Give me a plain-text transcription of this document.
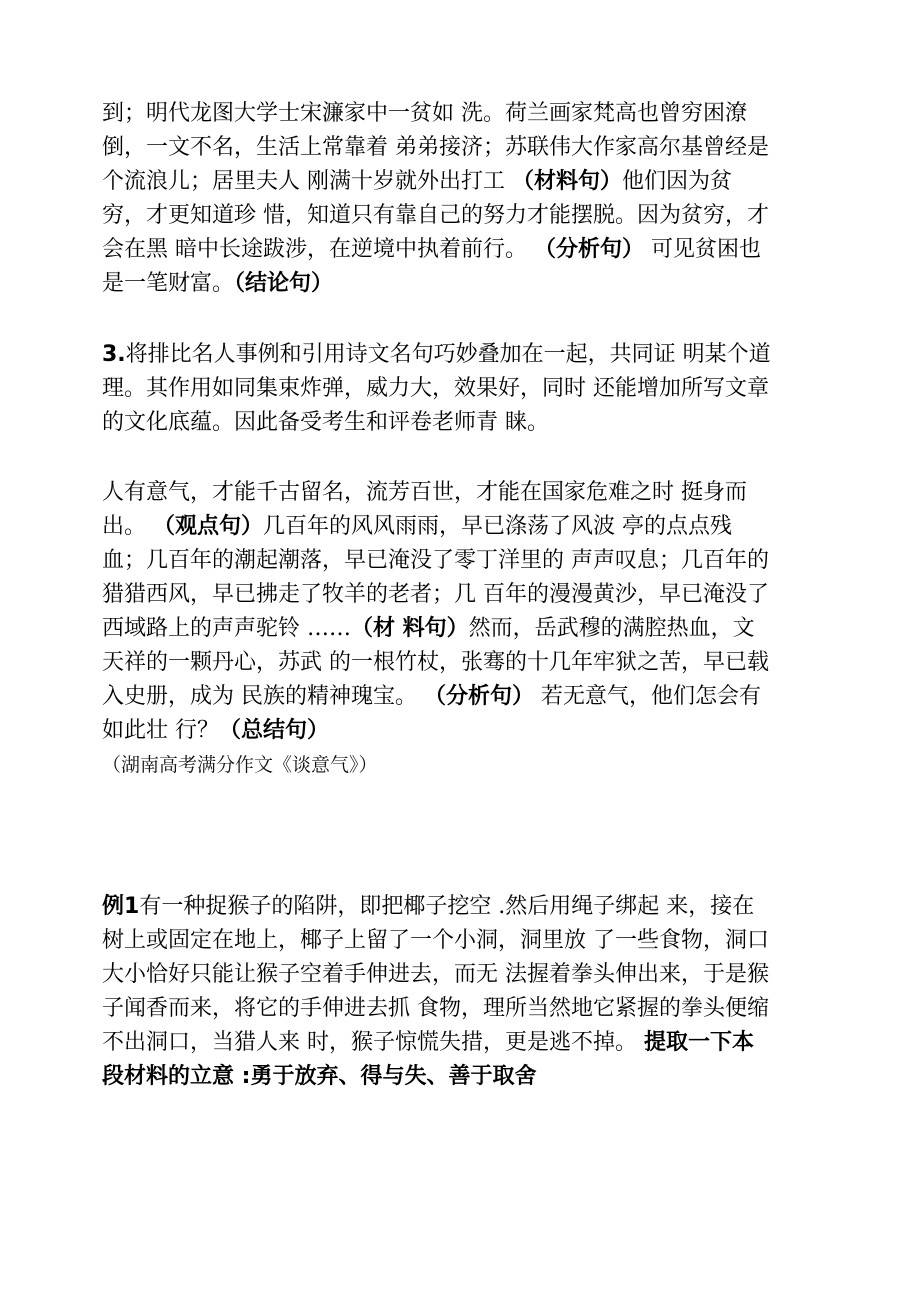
到；明代龙图大学士宋濂家中一贫如 洗。荷兰画家梵高也曾穷困潦
倒，一文不名，生活上常靠着 弟弟接济；苏联伟大作家高尔基曾经是
个流浪儿；居里夫人 刚满十岁就外出打工 （材料句）他们因为贫
穷，才更知道珍 惜，知道只有靠自己的努力才能摆脱。因为贫穷，才
会在黑 暗中长途跋涉，在逆境中执着前行。 （分析句） 可见贫困也
是一笔财富。（结论句）
3.将排比名人事例和引用诗文名句巧妙叠加在一起，共同证 明某个道
理。其作用如同集束炸弹，威力大，效果好，同时 还能增加所写文章
的文化底蕴。因此备受考生和评卷老师青 睐。
人有意气，才能千古留名，流芳百世，才能在国家危难之时 挺身而
出。 （观点句）几百年的风风雨雨，早已涤荡了风波 亭的点点残
血；几百年的潮起潮落，早已淹没了零丁洋里的 声声叹息；几百年的
猎猎西风，早已拂走了牧羊的老者；几 百年的漫漫黄沙，早已淹没了
西域路上的声声驼铃 ……（材 料句）然而，岳武穆的满腔热血，文
天祥的一颗丹心，苏武 的一根竹杖，张骞的十几年牢狱之苦，早已载
入史册，成为 民族的精神瑰宝。 （分析句） 若无意气，他们怎会有
如此壮 行？（总结句）
（湖南高考满分作文《谈意气》）
例1有一种捉猴子的陷阱，即把椰子挖空 .然后用绳子绑起 来，接在
树上或固定在地上，椰子上留了一个小洞，洞里放 了一些食物，洞口
大小恰好只能让猴子空着手伸进去，而无 法握着拳头伸出来，于是猴
子闻香而来，将它的手伸进去抓 食物，理所当然地它紧握的拳头便缩
不出洞口，当猎人来 时，猴子惊慌失措，更是逃不掉。 提取一下本
段材料的立意 :勇于放弃、得与失、善于取舍
